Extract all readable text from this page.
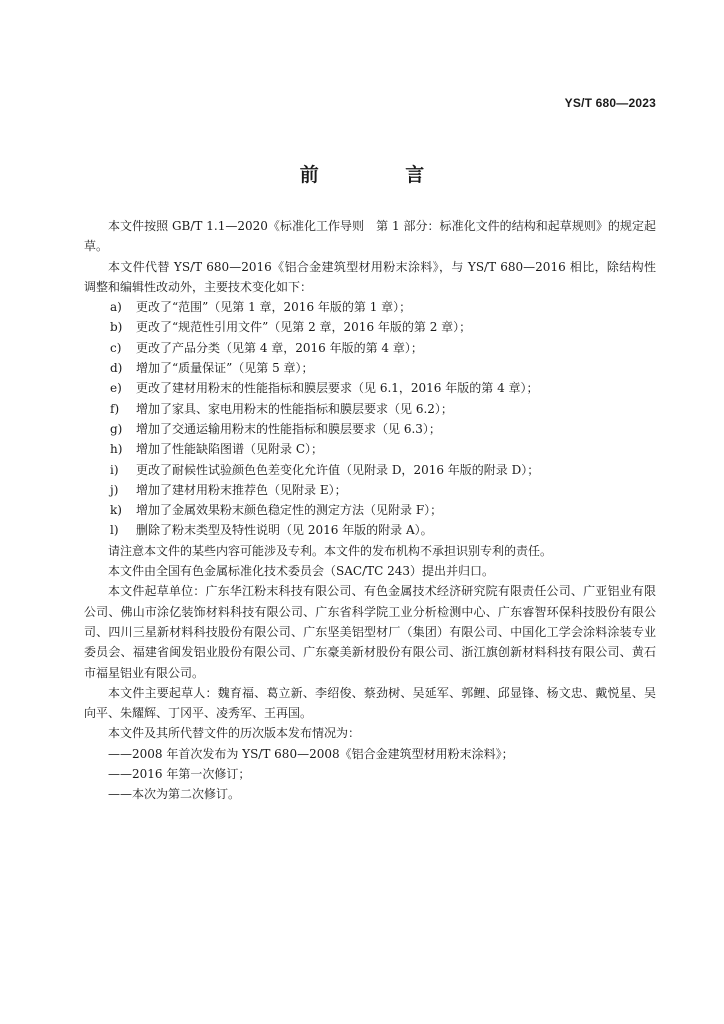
YS/T 680—2023
前 言

本文件按照 GB/T 1.1—2020《标准化工作导则　第 1 部分：标准化文件的结构和起草规则》的规定起草。

本文件代替 YS/T 680—2016《铝合金建筑型材用粉末涂料》，与 YS/T 680—2016 相比，除结构性调整和编辑性改动外，主要技术变化如下：

a)	更改了“范围”（见第 1 章，2016 年版的第 1 章）；

b)	更改了“规范性引用文件”（见第 2 章，2016 年版的第 2 章）；

c)	更改了产品分类（见第 4 章，2016 年版的第 4 章）；

d)	增加了“质量保证”（见第 5 章）；

e)	更改了建材用粉末的性能指标和膜层要求（见 6.1，2016 年版的第 4 章）；

f)	增加了家具、家电用粉末的性能指标和膜层要求（见 6.2）；

g)	增加了交通运输用粉末的性能指标和膜层要求（见 6.3）；

h)	增加了性能缺陷图谱（见附录 C）；

i)	更改了耐候性试验颜色色差变化允许值（见附录 D，2016 年版的附录 D）；

j)	增加了建材用粉末推荐色（见附录 E）；

k)	增加了金属效果粉末颜色稳定性的测定方法（见附录 F）；

l)	删除了粉末类型及特性说明（见 2016 年版的附录 A）。

请注意本文件的某些内容可能涉及专利。本文件的发布机构不承担识别专利的责任。

本文件由全国有色金属标准化技术委员会（SAC/TC 243）提出并归口。

本文件起草单位：广东华江粉末科技有限公司、有色金属技术经济研究院有限责任公司、广亚铝业有限公司、佛山市涂亿装饰材料科技有限公司、广东省科学院工业分析检测中心、广东睿智环保科技股份有限公司、四川三星新材料科技股份有限公司、广东坚美铝型材厂（集团）有限公司、中国化工学会涂料涂装专业委员会、福建省闽发铝业股份有限公司、广东豪美新材股份有限公司、浙江旗创新材料科技有限公司、黄石市福星铝业有限公司。

本文件主要起草人：魏育福、葛立新、李绍俊、蔡劲树、吴延军、郭鲤、邱显锋、杨文忠、戴悦星、吴向平、朱耀辉、丁冈平、凌秀军、王再国。

本文件及其所代替文件的历次版本发布情况为：

——2008 年首次发布为 YS/T 680—2008《铝合金建筑型材用粉末涂料》；

——2016 年第一次修订；

——本次为第二次修订。
